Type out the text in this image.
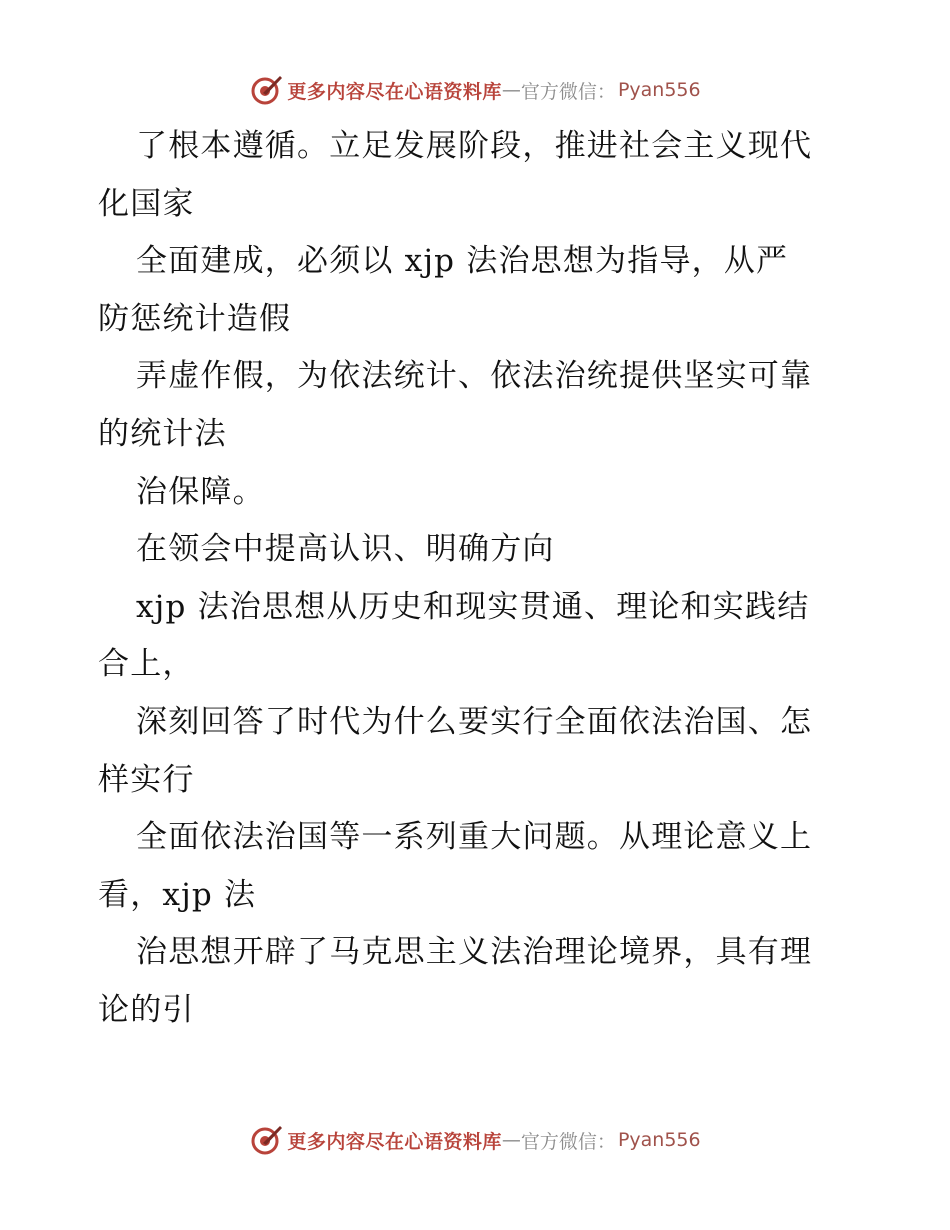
更多内容尽在心语资料库 — 官方微信： Pyan556
了根本遵循。立足发展阶段，推进社会主义现代
化国家
全面建成，必须以 xjp 法治思想为指导，从严
防惩统计造假
弄虚作假，为依法统计、依法治统提供坚实可靠
的统计法
治保障。
在领会中提高认识、明确方向
xjp 法治思想从历史和现实贯通、理论和实践结
合上，
深刻回答了时代为什么要实行全面依法治国、怎
样实行
全面依法治国等一系列重大问题。从理论意义上
看，xjp 法
治思想开辟了马克思主义法治理论境界，具有理
论的引
更多内容尽在心语资料库 — 官方微信： Pyan556
